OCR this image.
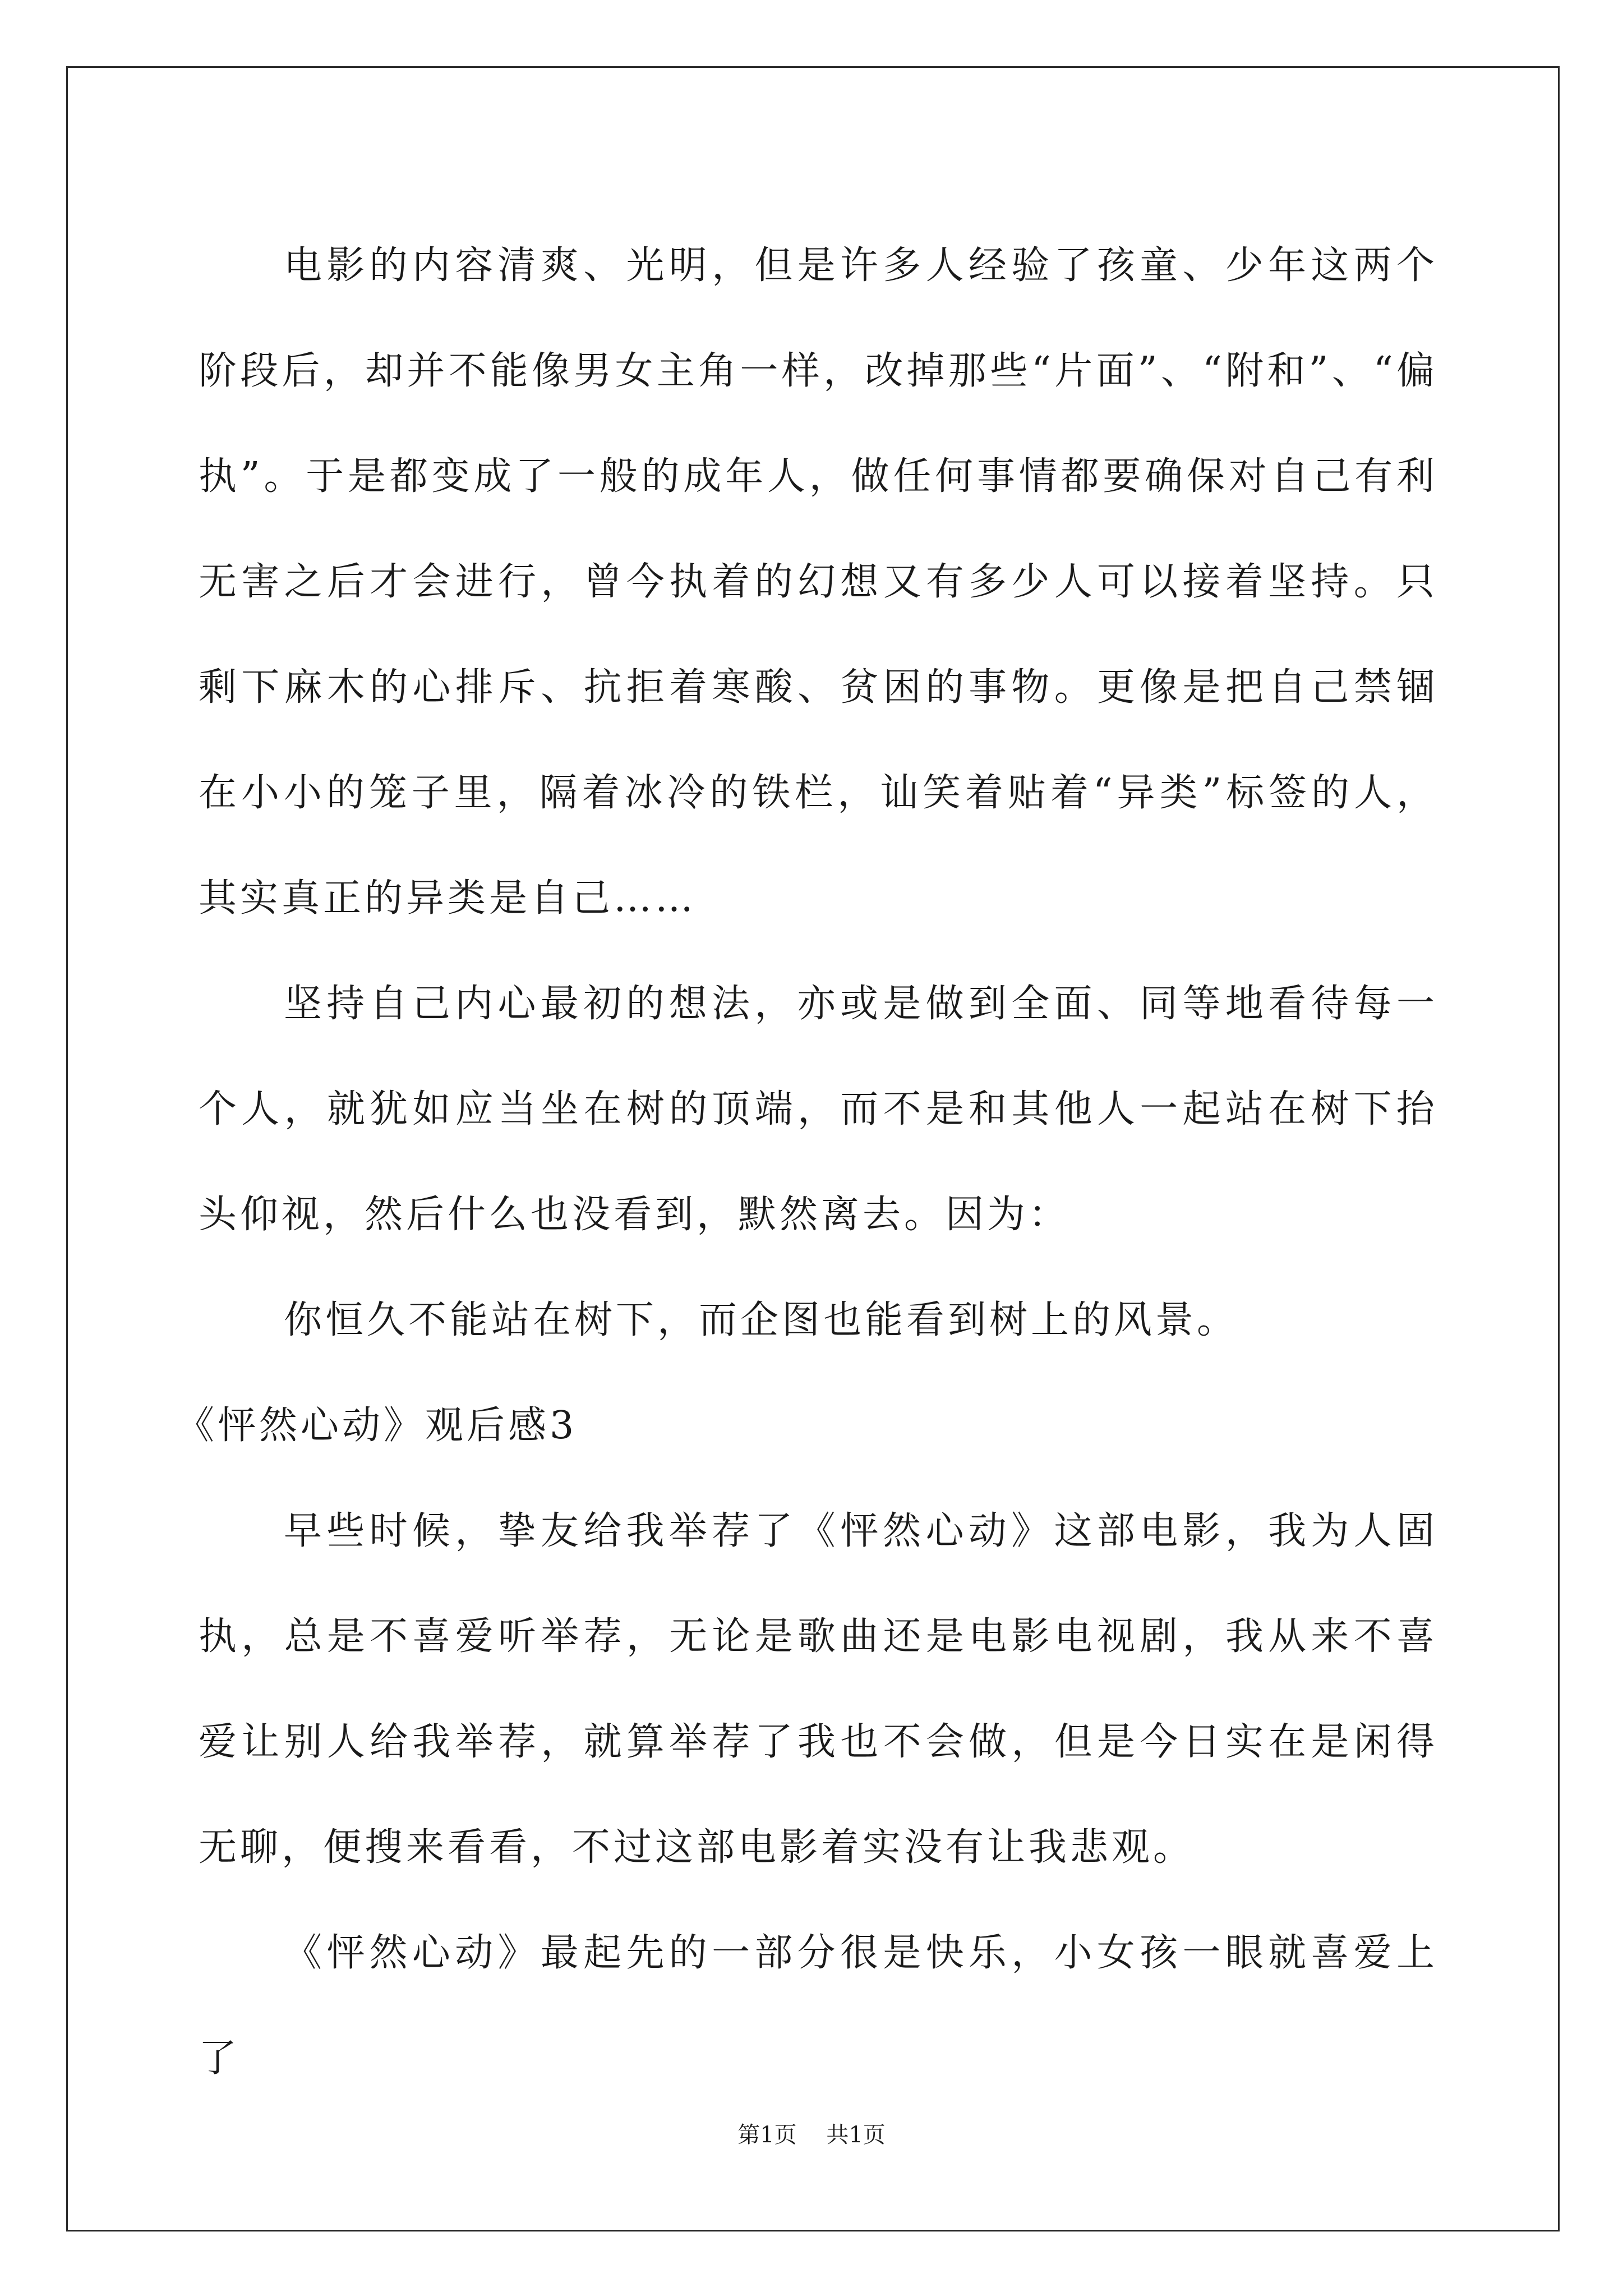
电影的内容清爽、光明，但是许多人经验了孩童、少年这两个阶段后，却并不能像男女主角一样，改掉那些“片面”、“附和”、“偏执”。于是都变成了一般的成年人，做任何事情都要确保对自己有利无害之后才会进行，曾今执着的幻想又有多少人可以接着坚持。只剩下麻木的心排斥、抗拒着寒酸、贫困的事物。更像是把自己禁锢在小小的笼子里，隔着冰冷的铁栏，讪笑着贴着“异类”标签的人，其实真正的异类是自己……

坚持自己内心最初的想法，亦或是做到全面、同等地看待每一个人，就犹如应当坐在树的顶端，而不是和其他人一起站在树下抬头仰视，然后什么也没看到，默然离去。因为：

你恒久不能站在树下，而企图也能看到树上的风景。

《怦然心动》观后感3

早些时候，挚友给我举荐了《怦然心动》这部电影，我为人固执，总是不喜爱听举荐，无论是歌曲还是电影电视剧，我从来不喜爱让别人给我举荐，就算举荐了我也不会做，但是今日实在是闲得无聊，便搜来看看，不过这部电影着实没有让我悲观。

《怦然心动》最起先的一部分很是快乐，小女孩一眼就喜爱上了

第1页 共1页
